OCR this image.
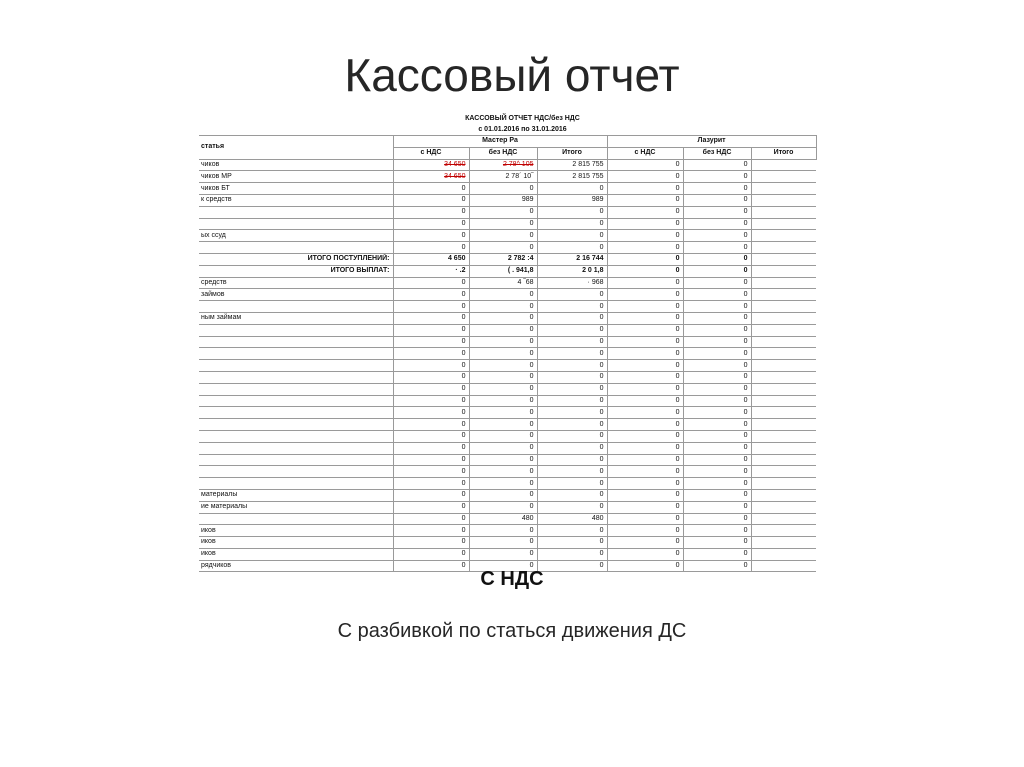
Кассовый отчет
КАССОВЫЙ ОТЧЕТ НДС/без НДС
с 01.01.2016 по 31.01.2016
статья	Мастер Ра			Лазурит		
	с НДС	без НДС	Итого	с НДС	без НДС	Итого
чиков	34 650	2 78^ 105	2 815 755	0	0	
чиков МР	34 650	2 78´ 10‾	2 815 755	0	0	
чиков БТ	0	0	0	0	0	
к средств	0	989	989	0	0	
	0	0	0	0	0	
	0	0	0	0	0	
ых ссуд	0	0	0	0	0	
	0	0	0	0	0	
ИТОГО ПОСТУПЛЕНИЙ:	4 650	2 782 :4	2 16 744	0	0	
ИТОГО ВЫПЛАТ:	· .2	( . 941,8	2 0 1,8	0	0	
средств	0	4 ‾68	· 968	0	0	
займов	0	0	0	0	0	
	0	0	0	0	0	
ным займам	0	0	0	0	0	
	0	0	0	0	0	
	0	0	0	0	0	
	0	0	0	0	0	
	0	0	0	0	0	
	0	0	0	0	0	
	0	0	0	0	0	
	0	0	0	0	0	
	0	0	0	0	0	
	0	0	0	0	0	
	0	0	0	0	0	
	0	0	0	0	0	
	0	0	0	0	0	
	0	0	0	0	0	
	0	0	0	0	0	
материалы	0	0	0	0	0	
ие материалы	0	0	0	0	0	
	0	480	480	0	0	
иков	0	0	0	0	0	
иков	0	0	0	0	0	
иков	0	0	0	0	0	
рядчиков	0	0	0	0	0	
С НДС
С разбивкой по статься движения ДС
